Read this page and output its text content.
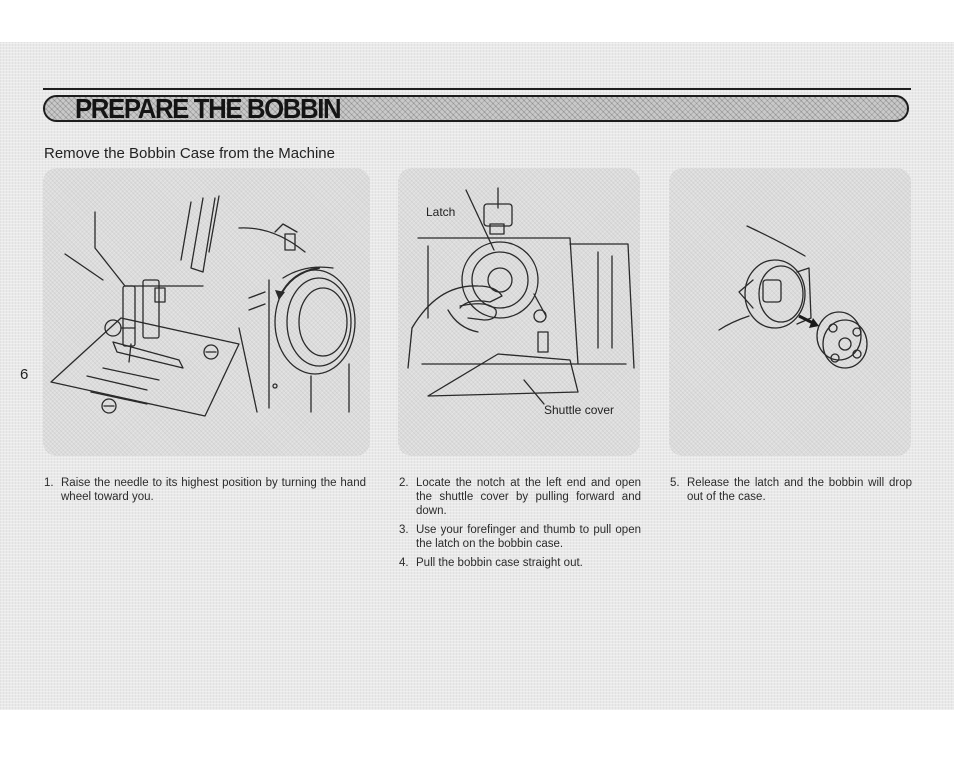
PREPARE THE BOBBIN
Remove the Bobbin Case from the Machine
6
Latch
Shuttle cover
1. Raise the needle to its highest position by turning the hand wheel toward you.
2. Locate the notch at the left end and open the shuttle cover by pulling forward and down.
3. Use your forefinger and thumb to pull open the latch on the bobbin case.
4. Pull the bobbin case straight out.
5. Release the latch and the bobbin will drop out of the case.
